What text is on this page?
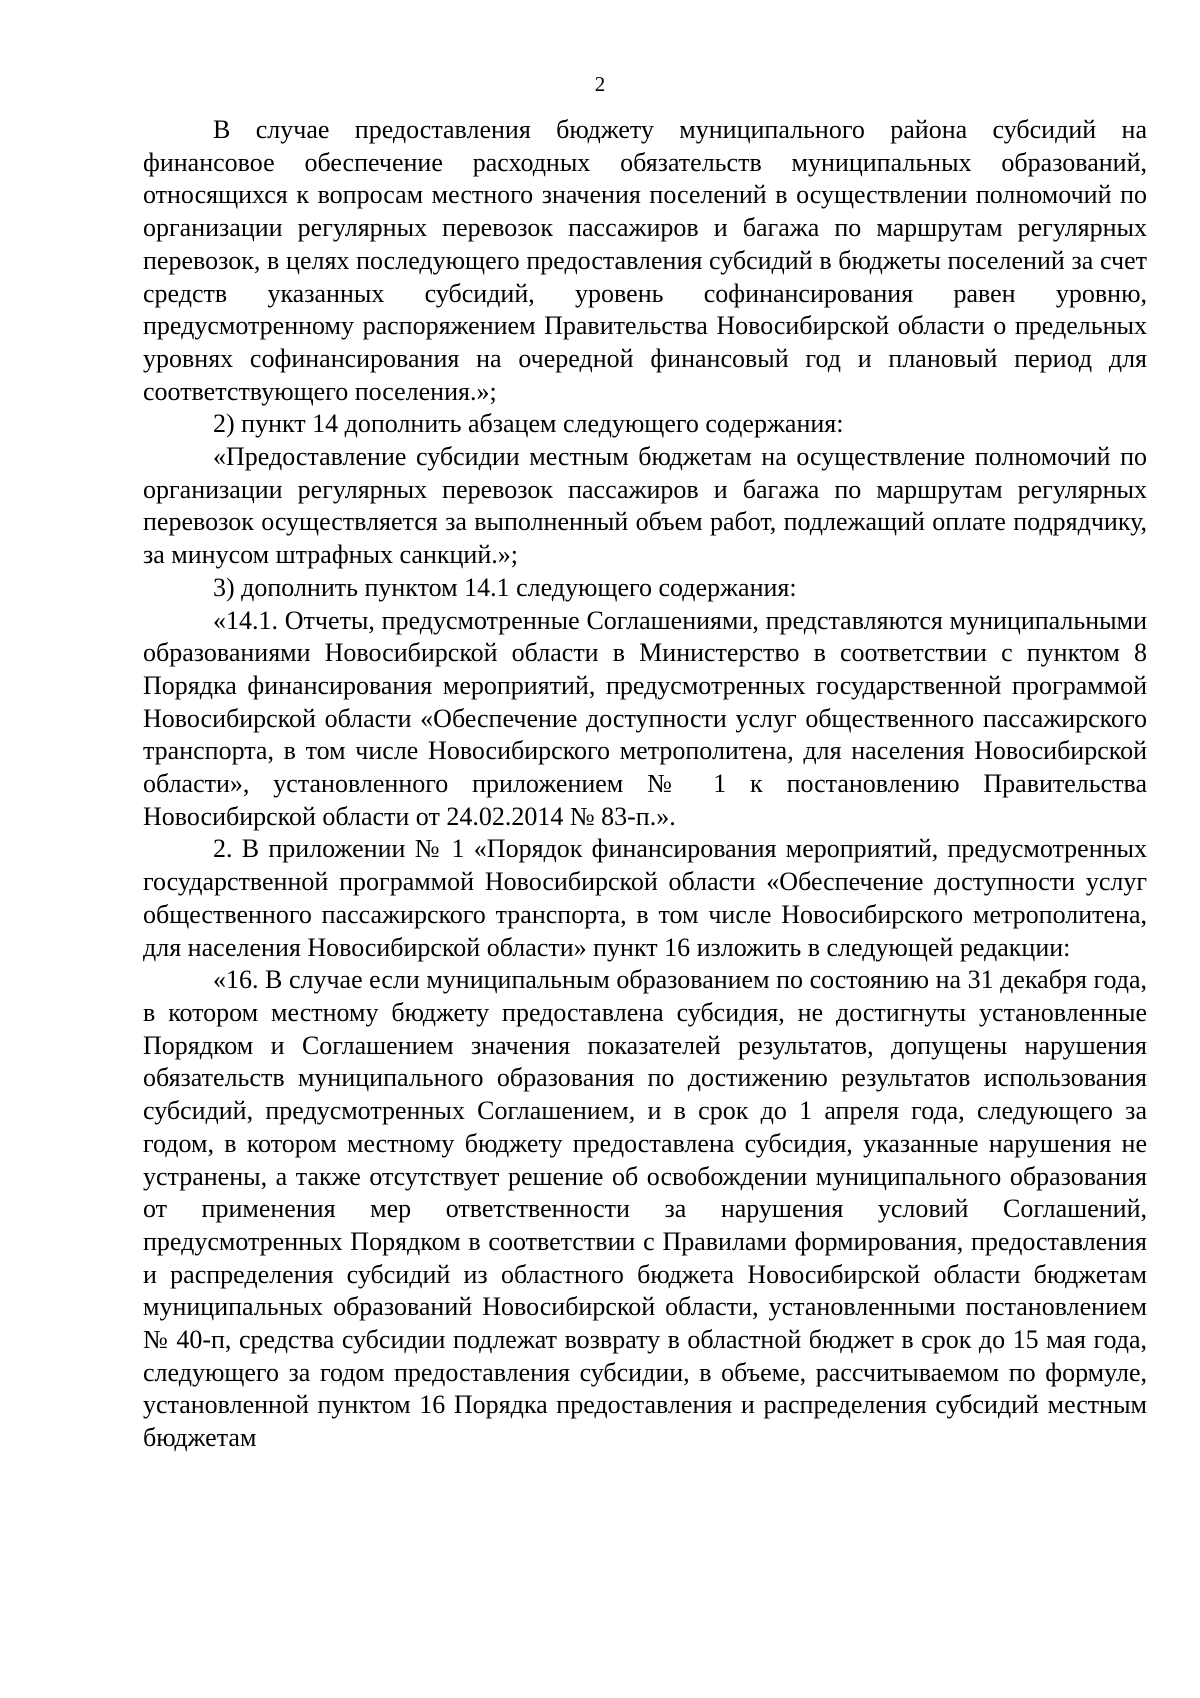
2

В случае предоставления бюджету муниципального района субсидий на финансовое обеспечение расходных обязательств муниципальных образований, относящихся к вопросам местного значения поселений в осуществлении полномочий по организации регулярных перевозок пассажиров и багажа по маршрутам регулярных перевозок, в целях последующего предоставления субсидий в бюджеты поселений за счет средств указанных субсидий, уровень софинансирования равен уровню, предусмотренному распоряжением Правительства Новосибирской области о предельных уровнях софинансирования на очередной финансовый год и плановый период для соответствующего поселения.»;

2) пункт 14 дополнить абзацем следующего содержания:

«Предоставление субсидии местным бюджетам на осуществление полномочий по организации регулярных перевозок пассажиров и багажа по маршрутам регулярных перевозок осуществляется за выполненный объем работ, подлежащий оплате подрядчику, за минусом штрафных санкций.»;

3) дополнить пунктом 14.1 следующего содержания:

«14.1. Отчеты, предусмотренные Соглашениями, представляются муниципальными образованиями Новосибирской области в Министерство в соответствии с пунктом 8 Порядка финансирования мероприятий, предусмотренных государственной программой Новосибирской области «Обеспечение доступности услуг общественного пассажирского транспорта, в том числе Новосибирского метрополитена, для населения Новосибирской области», установленного приложением № 1 к постановлению Правительства Новосибирской области от 24.02.2014 № 83-п.».

2. В приложении № 1 «Порядок финансирования мероприятий, предусмотренных государственной программой Новосибирской области «Обеспечение доступности услуг общественного пассажирского транспорта, в том числе Новосибирского метрополитена, для населения Новосибирской области» пункт 16 изложить в следующей редакции:

«16. В случае если муниципальным образованием по состоянию на 31 декабря года, в котором местному бюджету предоставлена субсидия, не достигнуты установленные Порядком и Соглашением значения показателей результатов, допущены нарушения обязательств муниципального образования по достижению результатов использования субсидий, предусмотренных Соглашением, и в срок до 1 апреля года, следующего за годом, в котором местному бюджету предоставлена субсидия, указанные нарушения не устранены, а также отсутствует решение об освобождении муниципального образования от применения мер ответственности за нарушения условий Соглашений, предусмотренных Порядком в соответствии с Правилами формирования, предоставления и распределения субсидий из областного бюджета Новосибирской области бюджетам муниципальных образований Новосибирской области, установленными постановлением № 40-п, средства субсидии подлежат возврату в областной бюджет в срок до 15 мая года, следующего за годом предоставления субсидии, в объеме, рассчитываемом по формуле, установленной пунктом 16 Порядка предоставления и распределения субсидий местным бюджетам
